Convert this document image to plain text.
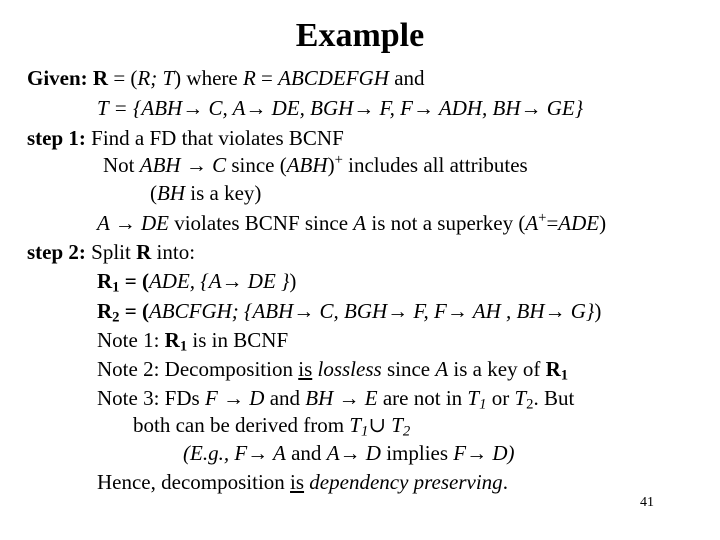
Example
Given: R = (R; T) where R = ABCDEFGH and
T = {ABH→ C, A→ DE, BGH→ F, F→ ADH, BH→ GE}
step 1: Find a FD that violates BCNF
Not ABH → C since (ABH)+ includes all attributes
(BH is a key)
A → DE violates BCNF since A is not a superkey (A+=ADE)
step 2: Split R into:
$R_1 = (ADE$, {A→ DE })
$R_2$ = (ABCFGH; {ABH→ C, BGH→ F, F→ AH , BH→ G})
Note 1: $R_1$ is in BCNF
Note 2: Decomposition is lossless since A is a key of $R_1$
Note 3: FDs F → D and BH → E are not in $T_1$ or $T_2$. But
both can be derived from $T_1\cup$ $T_2$
(E.g., F→ A and A→ D implies F→ D)
Hence, decomposition is dependency preserving.
41
